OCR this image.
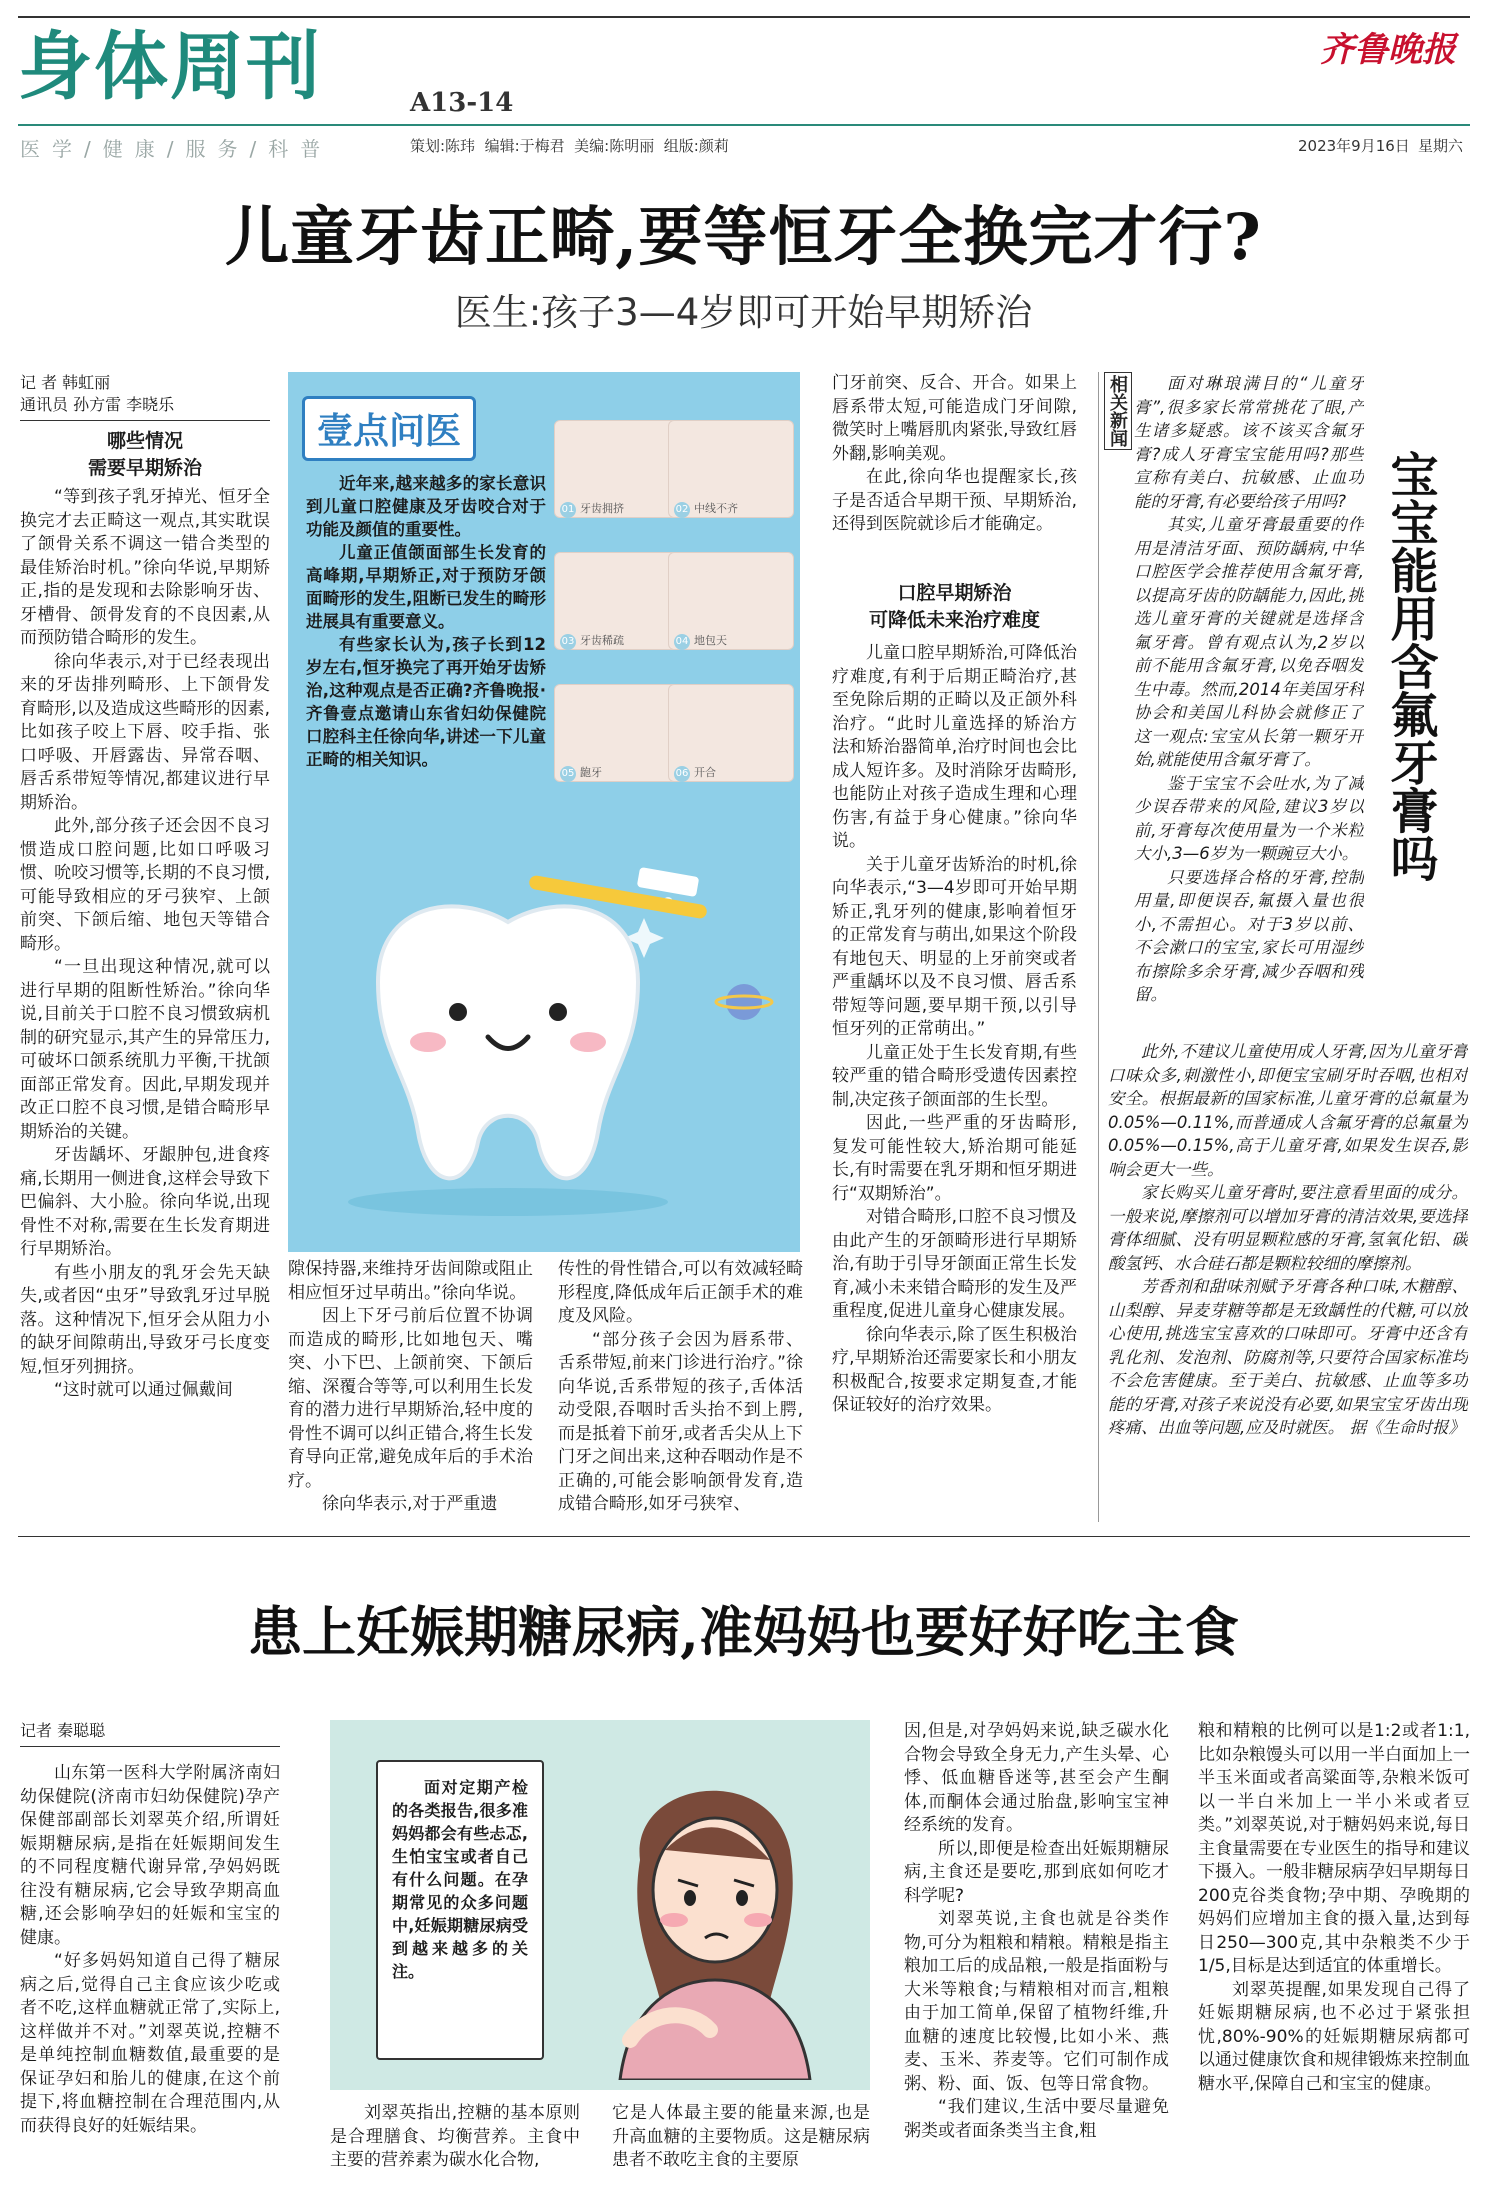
身体周刊	A13-14
齐鲁晚报
医学/健康/服务/科普	策划:陈玮  编辑:于梅君  美编:陈明丽  组版:颜莉	2023年9月16日 星期六
儿童牙齿正畸,要等恒牙全换完才行?
医生:孩子3—4岁即可开始早期矫治
记 者 韩虹丽
通讯员 孙方雷 李晓乐
哪些情况
需要早期矫治

“等到孩子乳牙掉光、恒牙全换完才去正畸这一观点,其实耽误了颌骨关系不调这一错合类型的最佳矫治时机。”徐向华说,早期矫正,指的是发现和去除影响牙齿、牙槽骨、颌骨发育的不良因素,从而预防错合畸形的发生。

徐向华表示,对于已经表现出来的牙齿排列畸形、上下颌骨发育畸形,以及造成这些畸形的因素,比如孩子咬上下唇、咬手指、张口呼吸、开唇露齿、异常吞咽、唇舌系带短等情况,都建议进行早期矫治。

此外,部分孩子还会因不良习惯造成口腔问题,比如口呼吸习惯、吮咬习惯等,长期的不良习惯,可能导致相应的牙弓狭窄、上颌前突、下颌后缩、地包天等错合畸形。

“一旦出现这种情况,就可以进行早期的阻断性矫治。”徐向华说,目前关于口腔不良习惯致病机制的研究显示,其产生的异常压力,可破坏口颌系统肌力平衡,干扰颌面部正常发育。因此,早期发现并改正口腔不良习惯,是错合畸形早期矫治的关键。

牙齿龋坏、牙龈肿包,进食疼痛,长期用一侧进食,这样会导致下巴偏斜、大小脸。徐向华说,出现骨性不对称,需要在生长发育期进行早期矫治。

有些小朋友的乳牙会先天缺失,或者因“虫牙”导致乳牙过早脱落。这种情况下,恒牙会从阻力小的缺牙间隙萌出,导致牙弓长度变短,恒牙列拥挤。

“这时就可以通过佩戴间

壹点问医

近年来,越来越多的家长意识到儿童口腔健康及牙齿咬合对于功能及颜值的重要性。

儿童正值颌面部生长发育的高峰期,早期矫正,对于预防牙颌面畸形的发生,阻断已发生的畸形进展具有重要意义。

有些家长认为,孩子长到12岁左右,恒牙换完了再开始牙齿矫治,这种观点是否正确?齐鲁晚报·齐鲁壹点邀请山东省妇幼保健院口腔科主任徐向华,讲述一下儿童正畸的相关知识。

01 牙齿拥挤	02 中线不齐
03 牙齿稀疏	04 地包天
05 龅牙	06 开合

隙保持器,来维持牙齿间隙或阻止相应恒牙过早萌出。”徐向华说。

因上下牙弓前后位置不协调而造成的畸形,比如地包天、嘴突、小下巴、上颌前突、下颌后缩、深覆合等等,可以利用生长发育的潜力进行早期矫治,轻中度的骨性不调可以纠正错合,将生长发育导向正常,避免成年后的手术治疗。

徐向华表示,对于严重遗

传性的骨性错合,可以有效减轻畸形程度,降低成年后正颌手术的难度及风险。

“部分孩子会因为唇系带、舌系带短,前来门诊进行治疗。”徐向华说,舌系带短的孩子,舌体活动受限,吞咽时舌头抬不到上腭,而是抵着下前牙,或者舌尖从上下门牙之间出来,这种吞咽动作是不正确的,可能会影响颌骨发育,造成错合畸形,如牙弓狭窄、

门牙前突、反合、开合。如果上唇系带太短,可能造成门牙间隙,微笑时上嘴唇肌肉紧张,导致红唇外翻,影响美观。

在此,徐向华也提醒家长,孩子是否适合早期干预、早期矫治,还得到医院就诊后才能确定。

口腔早期矫治
可降低未来治疗难度

儿童口腔早期矫治,可降低治疗难度,有利于后期正畸治疗,甚至免除后期的正畸以及正颌外科治疗。“此时儿童选择的矫治方法和矫治器简单,治疗时间也会比成人短许多。及时消除牙齿畸形,也能防止对孩子造成生理和心理伤害,有益于身心健康。”徐向华说。

关于儿童牙齿矫治的时机,徐向华表示,“3—4岁即可开始早期矫正,乳牙列的健康,影响着恒牙的正常发育与萌出,如果这个阶段有地包天、明显的上牙前突或者严重龋坏以及不良习惯、唇舌系带短等问题,要早期干预,以引导恒牙列的正常萌出。”

儿童正处于生长发育期,有些较严重的错合畸形受遗传因素控制,决定孩子颌面部的生长型。

因此,一些严重的牙齿畸形,复发可能性较大,矫治期可能延长,有时需要在乳牙期和恒牙期进行“双期矫治”。

对错合畸形,口腔不良习惯及由此产生的牙颌畸形进行早期矫治,有助于引导牙颌面正常生长发育,减小未来错合畸形的发生及严重程度,促进儿童身心健康发展。

徐向华表示,除了医生积极治疗,早期矫治还需要家长和小朋友积极配合,按要求定期复查,才能保证较好的治疗效果。

相关新闻
宝宝能用含氟牙膏吗

面对琳琅满目的“儿童牙膏”,很多家长常常挑花了眼,产生诸多疑惑。该不该买含氟牙膏?成人牙膏宝宝能用吗?那些宣称有美白、抗敏感、止血功能的牙膏,有必要给孩子用吗?

其实,儿童牙膏最重要的作用是清洁牙面、预防龋病,中华口腔医学会推荐使用含氟牙膏,以提高牙齿的防龋能力,因此,挑选儿童牙膏的关键就是选择含氟牙膏。曾有观点认为,2岁以前不能用含氟牙膏,以免吞咽发生中毒。然而,2014年美国牙科协会和美国儿科协会就修正了这一观点:宝宝从长第一颗牙开始,就能使用含氟牙膏了。

鉴于宝宝不会吐水,为了减少误吞带来的风险,建议3岁以前,牙膏每次使用量为一个米粒大小,3—6岁为一颗豌豆大小。

只要选择合格的牙膏,控制用量,即便误吞,氟摄入量也很小,不需担心。对于3岁以前、不会漱口的宝宝,家长可用湿纱布擦除多余牙膏,减少吞咽和残留。

此外,不建议儿童使用成人牙膏,因为儿童牙膏口味众多,刺激性小,即便宝宝刷牙时吞咽,也相对安全。根据最新的国家标准,儿童牙膏的总氟量为0.05%—0.11%,而普通成人含氟牙膏的总氟量为0.05%—0.15%,高于儿童牙膏,如果发生误吞,影响会更大一些。

家长购买儿童牙膏时,要注意看里面的成分。一般来说,摩擦剂可以增加牙膏的清洁效果,要选择膏体细腻、没有明显颗粒感的牙膏,氢氧化铝、碳酸氢钙、水合硅石都是颗粒较细的摩擦剂。

芳香剂和甜味剂赋予牙膏各种口味,木糖醇、山梨醇、异麦芽糖等都是无致龋性的代糖,可以放心使用,挑选宝宝喜欢的口味即可。牙膏中还含有乳化剂、发泡剂、防腐剂等,只要符合国家标准均不会危害健康。至于美白、抗敏感、止血等多功能的牙膏,对孩子来说没有必要,如果宝宝牙齿出现疼痛、出血等问题,应及时就医。 据《生命时报》

患上妊娠期糖尿病,准妈妈也要好好吃主食
记者 秦聪聪

山东第一医科大学附属济南妇幼保健院(济南市妇幼保健院)孕产保健部副部长刘翠英介绍,所谓妊娠期糖尿病,是指在妊娠期间发生的不同程度糖代谢异常,孕妈妈既往没有糖尿病,它会导致孕期高血糖,还会影响孕妇的妊娠和宝宝的健康。

“好多妈妈知道自己得了糖尿病之后,觉得自己主食应该少吃或者不吃,这样血糖就正常了,实际上,这样做并不对。”刘翠英说,控糖不是单纯控制血糖数值,最重要的是保证孕妇和胎儿的健康,在这个前提下,将血糖控制在合理范围内,从而获得良好的妊娠结果。

面对定期产检的各类报告,很多准妈妈都会有些忐忑,生怕宝宝或者自己有什么问题。在孕期常见的众多问题中,妊娠期糖尿病受到越来越多的关注。

刘翠英指出,控糖的基本原则是合理膳食、均衡营养。主食中主要的营养素为碳水化合物,

它是人体最主要的能量来源,也是升高血糖的主要物质。这是糖尿病患者不敢吃主食的主要原

因,但是,对孕妈妈来说,缺乏碳水化合物会导致全身无力,产生头晕、心悸、低血糖昏迷等,甚至会产生酮体,而酮体会通过胎盘,影响宝宝神经系统的发育。

所以,即便是检查出妊娠期糖尿病,主食还是要吃,那到底如何吃才科学呢?

刘翠英说,主食也就是谷类作物,可分为粗粮和精粮。精粮是指主粮加工后的成品粮,一般是指面粉与大米等粮食;与精粮相对而言,粗粮由于加工简单,保留了植物纤维,升血糖的速度比较慢,比如小米、燕麦、玉米、荞麦等。它们可制作成粥、粉、面、饭、包等日常食物。

“我们建议,生活中要尽量避免粥类或者面条类当主食,粗

粮和精粮的比例可以是1:2或者1:1,比如杂粮馒头可以用一半白面加上一半玉米面或者高粱面等,杂粮米饭可以一半白米加上一半小米或者豆类。”刘翠英说,对于糖妈妈来说,每日主食量需要在专业医生的指导和建议下摄入。一般非糖尿病孕妇早期每日200克谷类食物;孕中期、孕晚期的妈妈们应增加主食的摄入量,达到每日250—300克,其中杂粮类不少于1/5,目标是达到适宜的体重增长。

刘翠英提醒,如果发现自己得了妊娠期糖尿病,也不必过于紧张担忧,80%-90%的妊娠期糖尿病都可以通过健康饮食和规律锻炼来控制血糖水平,保障自己和宝宝的健康。
